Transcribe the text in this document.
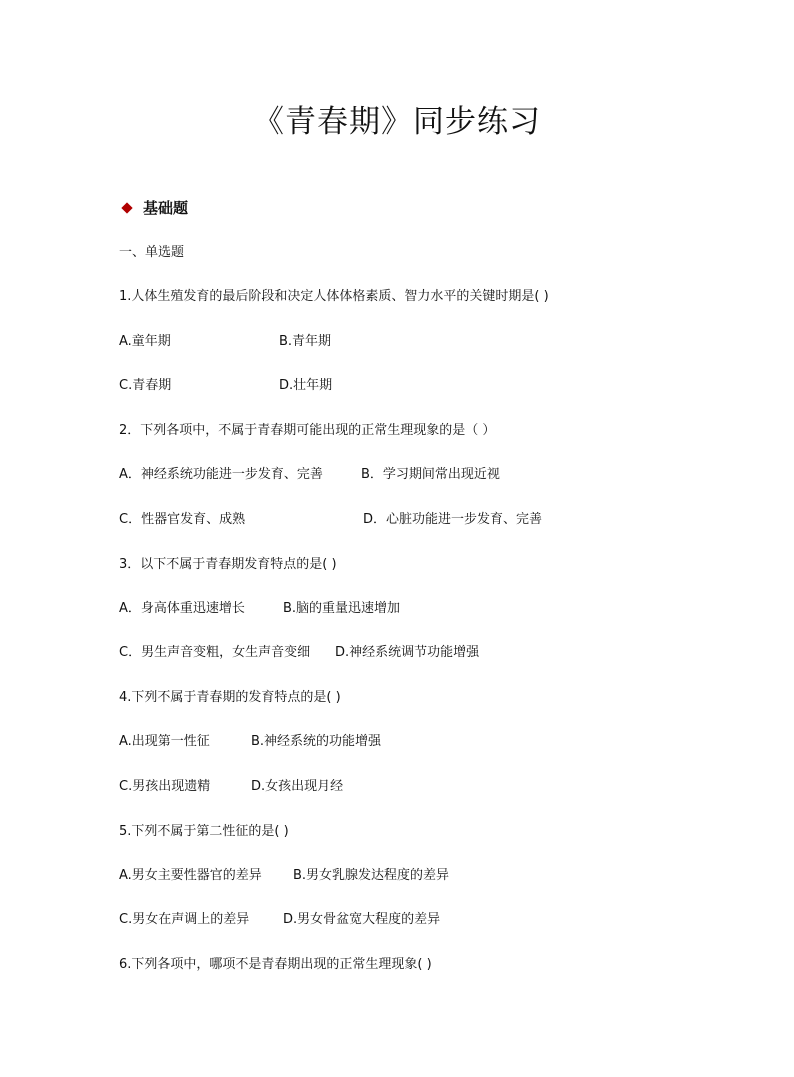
《青春期》同步练习
基础题
一、单选题
1.人体生殖发育的最后阶段和决定人体体格素质、智力水平的关键时期是( )
A.童年期	B.青年期
C.青春期	D.壮年期
2．下列各项中，不属于青春期可能出现的正常生理现象的是（ ）
A．神经系统功能进一步发育、完善	B．学习期间常出现近视
C．性器官发育、成熟	D．心脏功能进一步发育、完善
3．以下不属于青春期发育特点的是( )
A．身高体重迅速增长	B.脑的重量迅速增加
C．男生声音变粗，女生声音变细 D.神经系统调节功能增强
4.下列不属于青春期的发育特点的是( )
A.出现第一性征	B.神经系统的功能增强
C.男孩出现遗精	D.女孩出现月经
5.下列不属于第二性征的是( )
A.男女主要性器官的差异 B.男女乳腺发达程度的差异
C.男女在声调上的差异	D.男女骨盆宽大程度的差异
6.下列各项中，哪项不是青春期出现的正常生理现象( )
